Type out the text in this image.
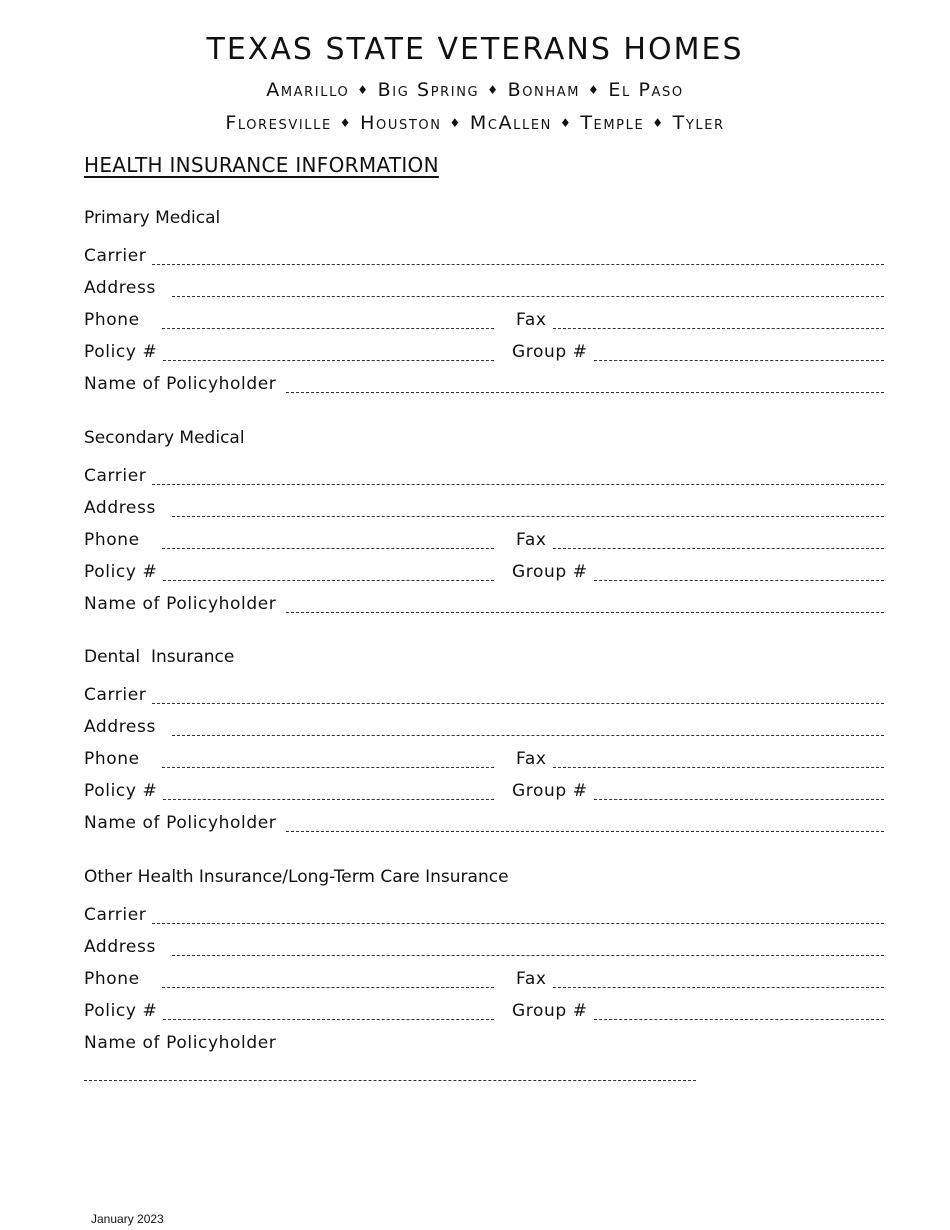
TEXAS STATE VETERANS HOMES
Amarillo ♦ Big Spring ♦ Bonham ♦ El Paso
Floresville ♦ Houston ♦ McAllen ♦ Temple ♦ Tyler
HEALTH INSURANCE INFORMATION
Primary Medical
Carrier
Address
Phone	Fax
Policy #	Group #
Name of Policyholder
Secondary Medical
Carrier
Address
Phone	Fax
Policy #	Group #
Name of Policyholder
Dental  Insurance
Carrier
Address
Phone	Fax
Policy #	Group #
Name of Policyholder
Other Health Insurance/Long-Term Care Insurance
Carrier
Address
Phone	Fax
Policy #	Group #
Name of Policyholder
January 2023
